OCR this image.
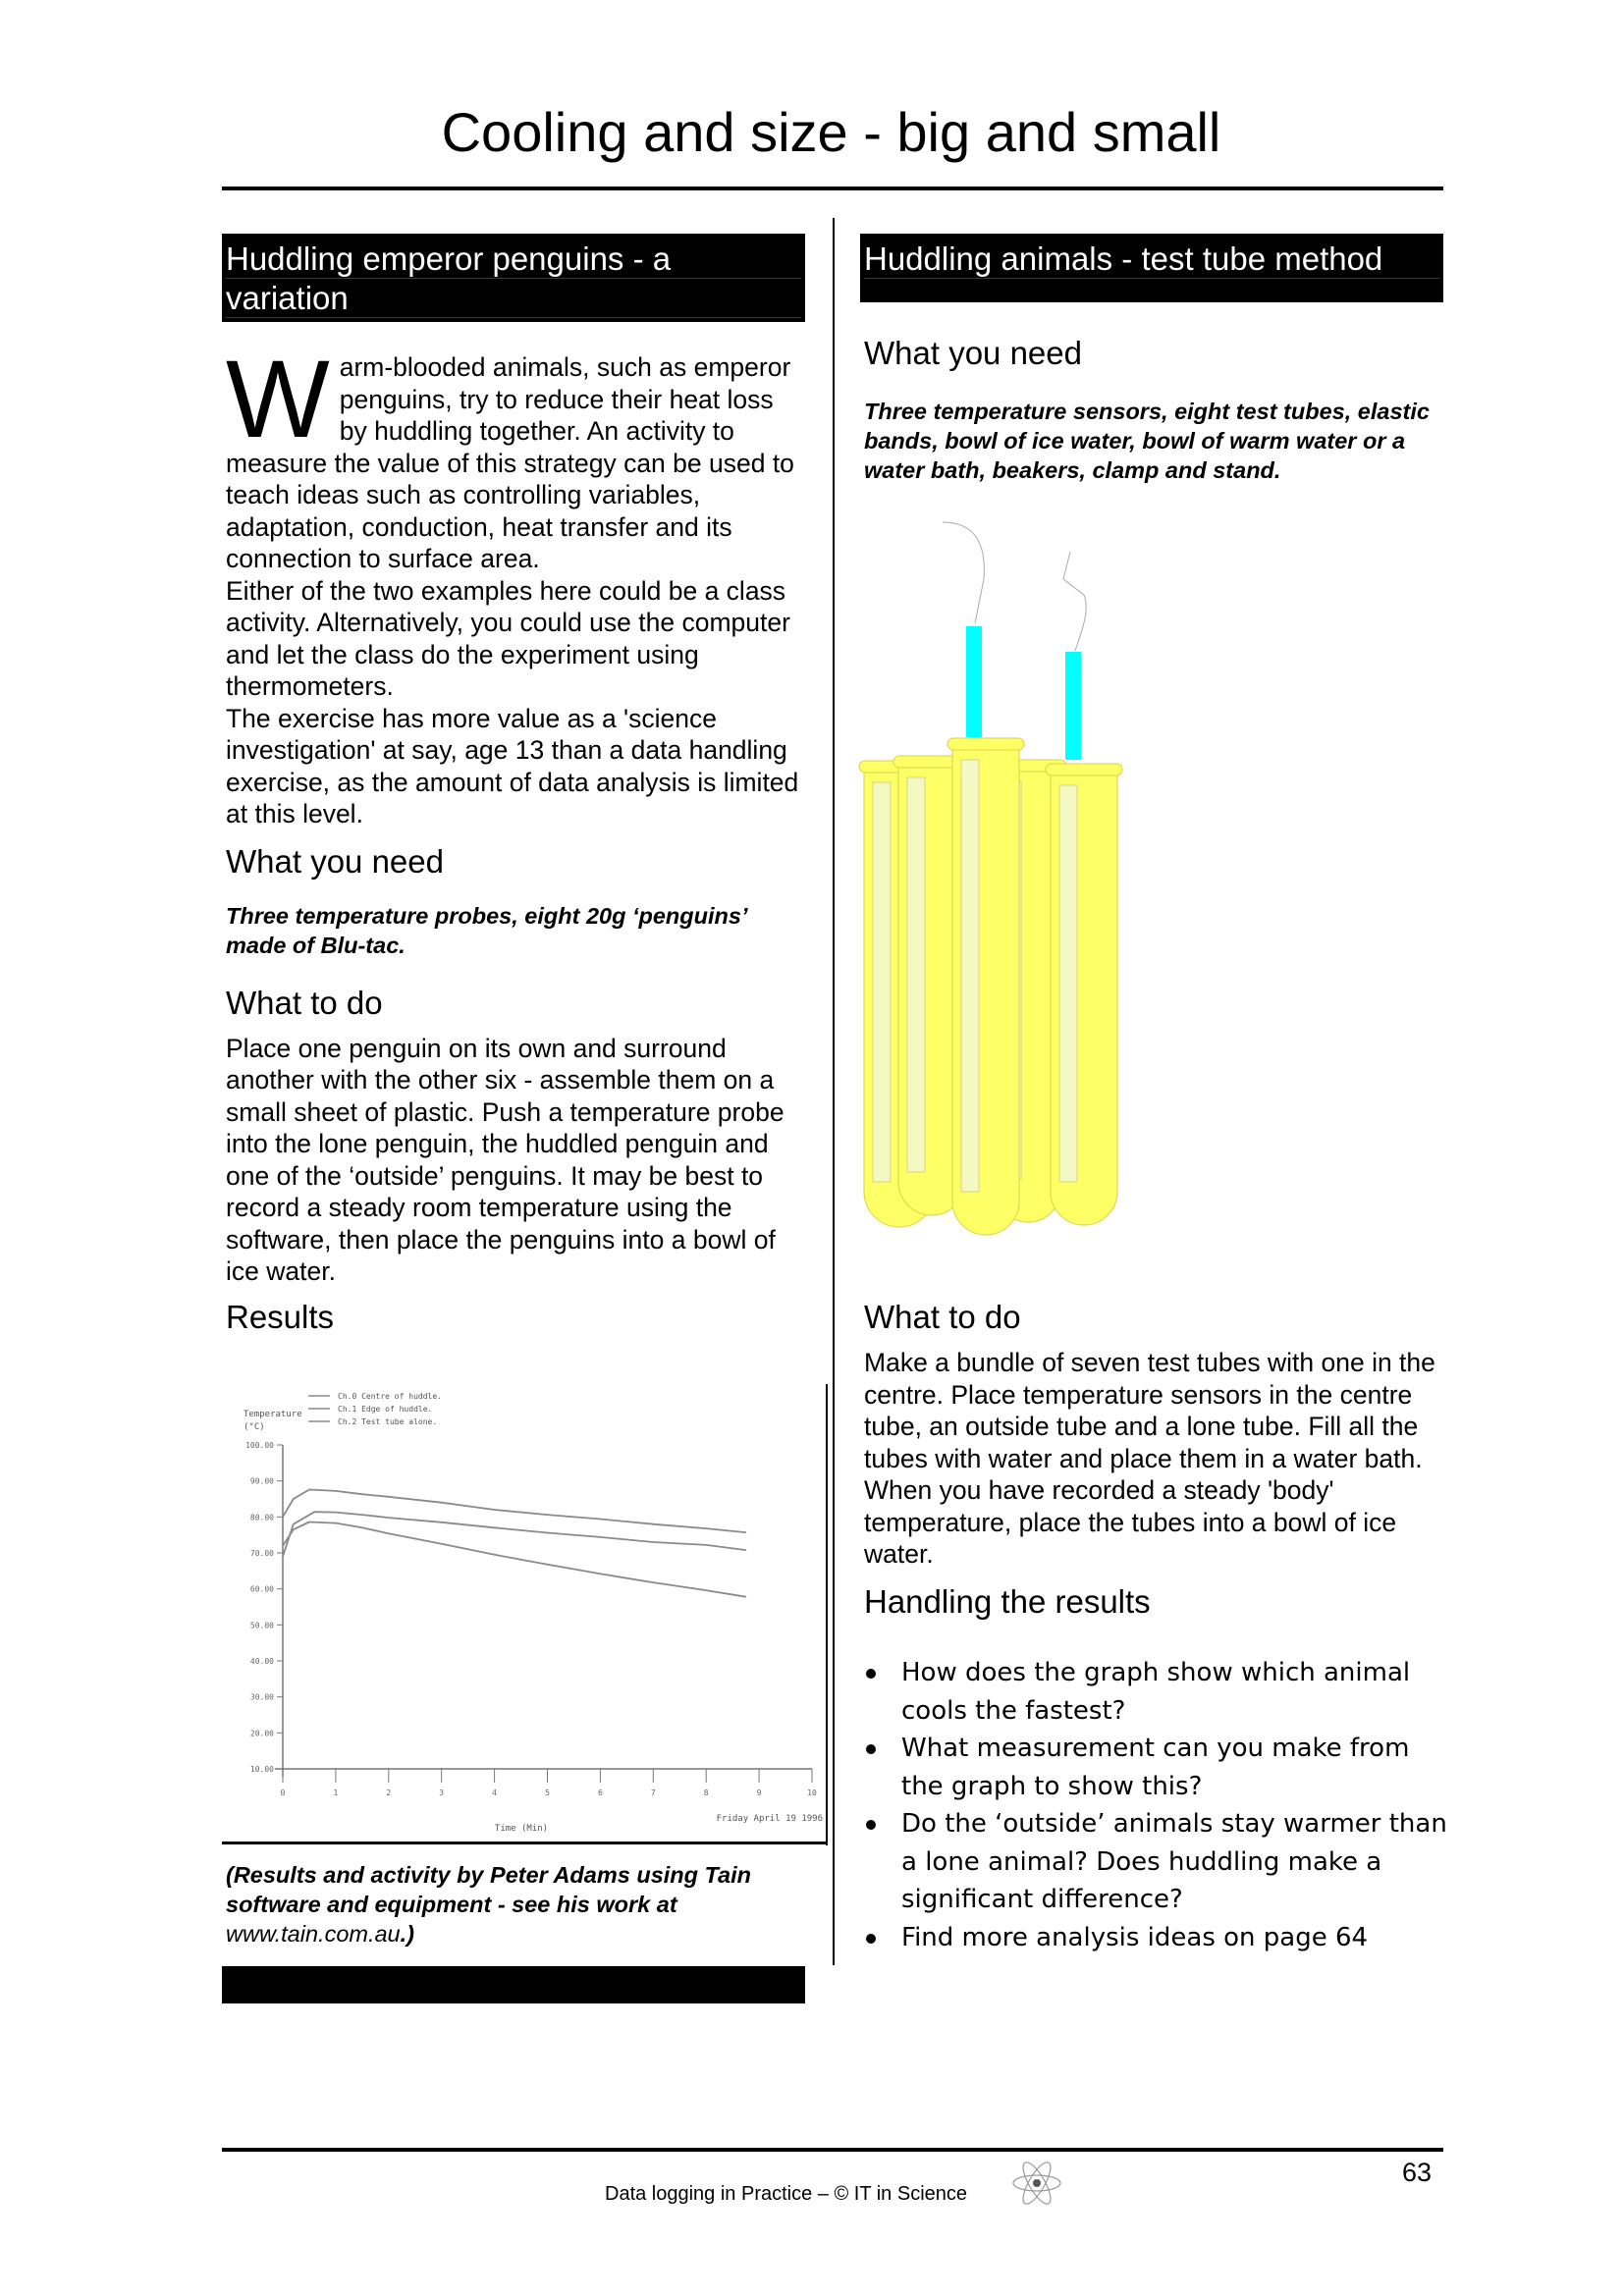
Cooling and size - big and small
Huddling emperor penguins - a
variation
W arm-blooded animals, such as emperor penguins, try to reduce their heat loss by huddling together. An activity to measure the value of this strategy can be used to teach ideas such as controlling variables, adaptation, conduction, heat transfer and its connection to surface area.
Either of the two examples here could be a class activity. Alternatively, you could use the computer and let the class do the experiment using thermometers.
The exercise has more value as a 'science investigation' at say, age 13 than a data handling exercise, as the amount of data analysis is limited at this level.
What you need
Three temperature probes, eight 20g ‘penguins’ made of Blu-tac.
What to do
Place one penguin on its own and surround another with the other six - assemble them on a small sheet of plastic. Push a temperature probe into the lone penguin, the huddled penguin and one of the ‘outside’ penguins. It may be best to record a steady room temperature using the software, then place the penguins into a bowl of ice water.
Results
Ch.0 Centre of huddle.
Ch.1 Edge of huddle.
Ch.2 Test tube alone.
Temperature
(°C)
100.00
90.00
80.00
70.00
60.00
50.00
40.00
30.00
20.00
10.00
0	1	2	3	4	5	6	7	8	9	10
Time (Min)
Friday April 19 1996
(Results and activity by Peter Adams using Tain software and equipment - see his work at www.tain.com.au.)
Huddling animals - test tube method
What you need
Three temperature sensors, eight test tubes, elastic bands, bowl of ice water, bowl of warm water or a water bath, beakers, clamp and stand.
What to do
Make a bundle of seven test tubes with one in the centre. Place temperature sensors in the centre tube, an outside tube and a lone tube. Fill all the tubes with water and place them in a water bath. When you have recorded a steady 'body' temperature, place the tubes into a bowl of ice water.
Handling the results
How does the graph show which animal cools the fastest?
What measurement can you make from the graph to show this?
Do the ‘outside’ animals stay warmer than a lone animal? Does huddling make a significant difference?
Find more analysis ideas on page 64
Data logging in Practice – © IT in Science
63
